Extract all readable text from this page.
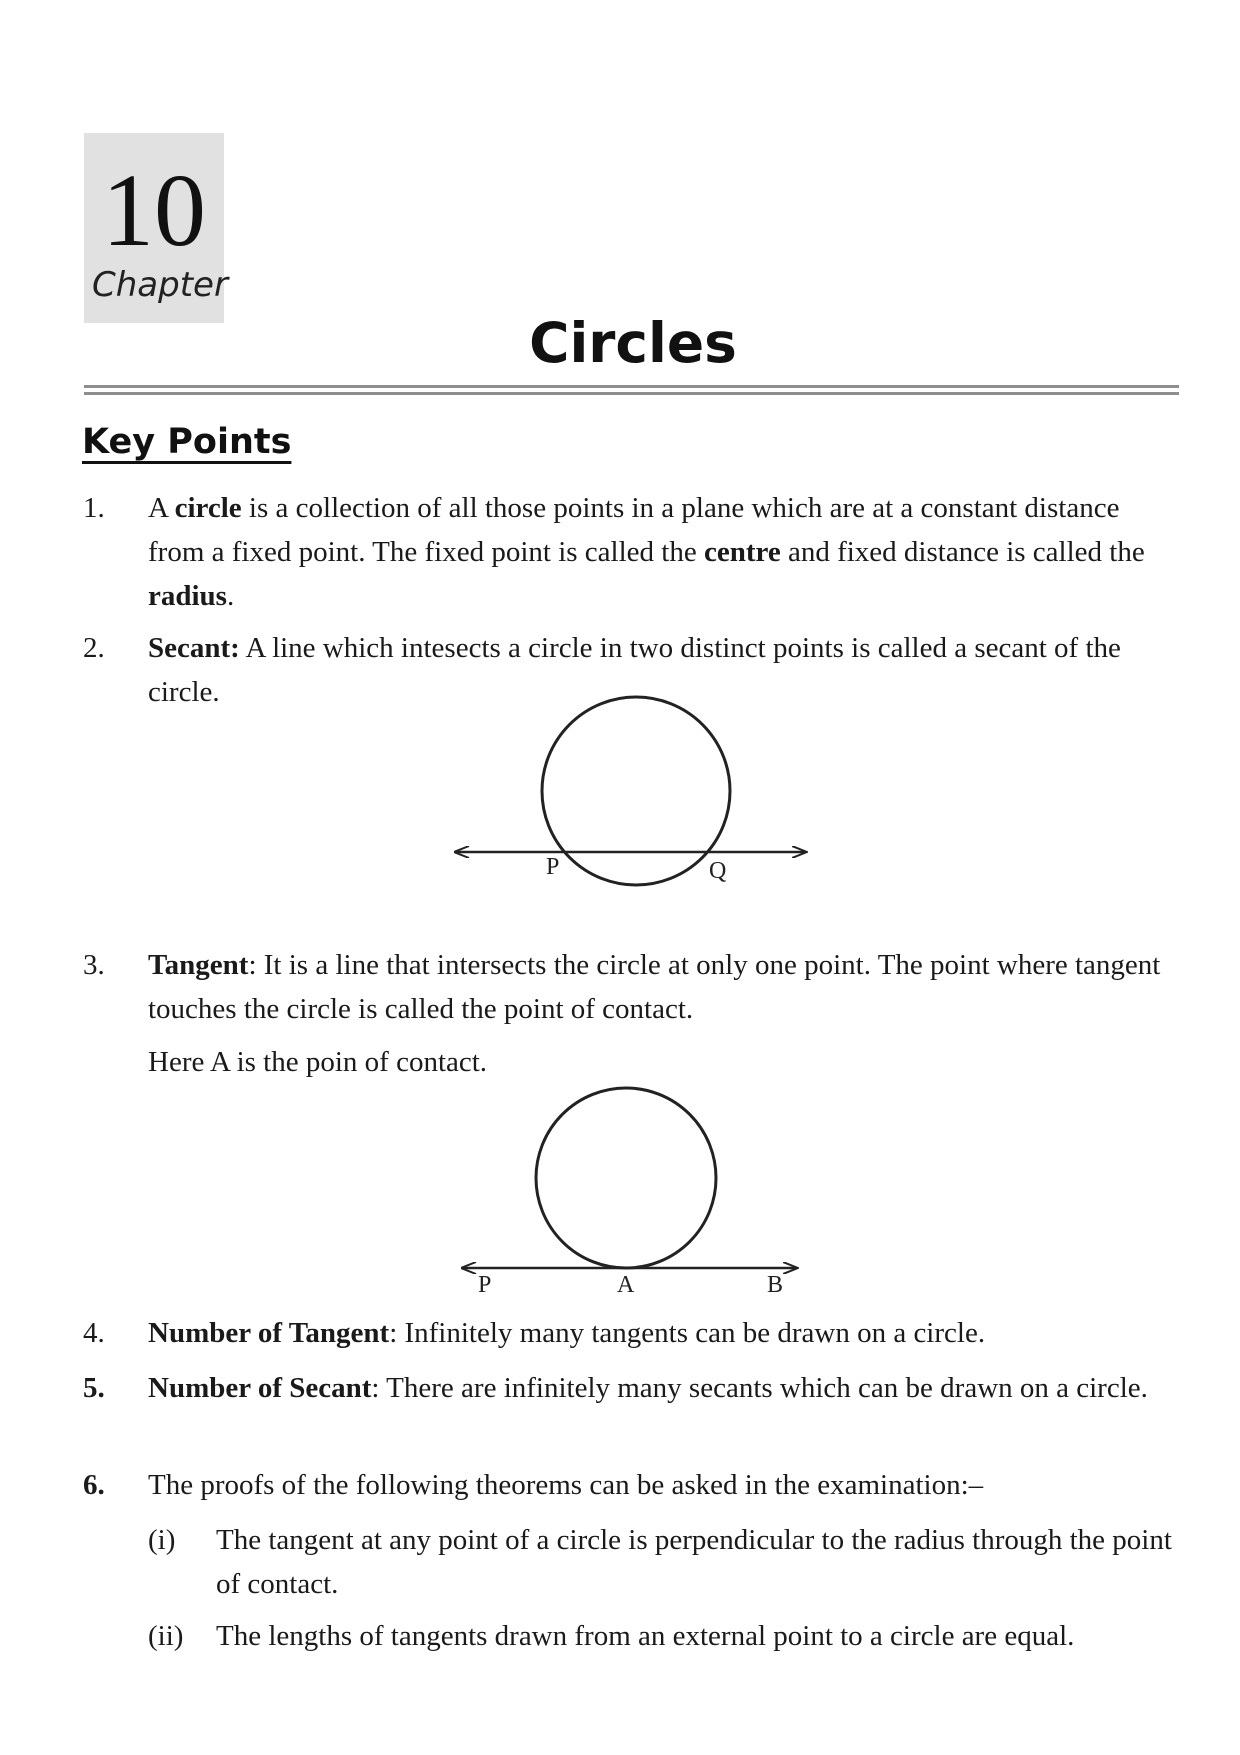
10
Chapter
Circles
Key Points
1. A circle is a collection of all those points in a plane which are at a constant distance from a fixed point. The fixed point is called the centre and fixed distance is called the radius.
2. Secant: A line which intesects a circle in two distinct points is called a secant of the circle.
P	Q
3. Tangent: It is a line that intersects the circle at only one point. The point where tangent touches the circle is called the point of contact.
Here A is the poin of contact.
P	A	B
4. Number of Tangent: Infinitely many tangents can be drawn on a circle.
5. Number of Secant: There are infinitely many secants which can be drawn on a circle.
6. The proofs of the following theorems can be asked in the examination:–
(i) The tangent at any point of a circle is perpendicular to the radius through the point of contact.
(ii) The lengths of tangents drawn from an external point to a circle are equal.
